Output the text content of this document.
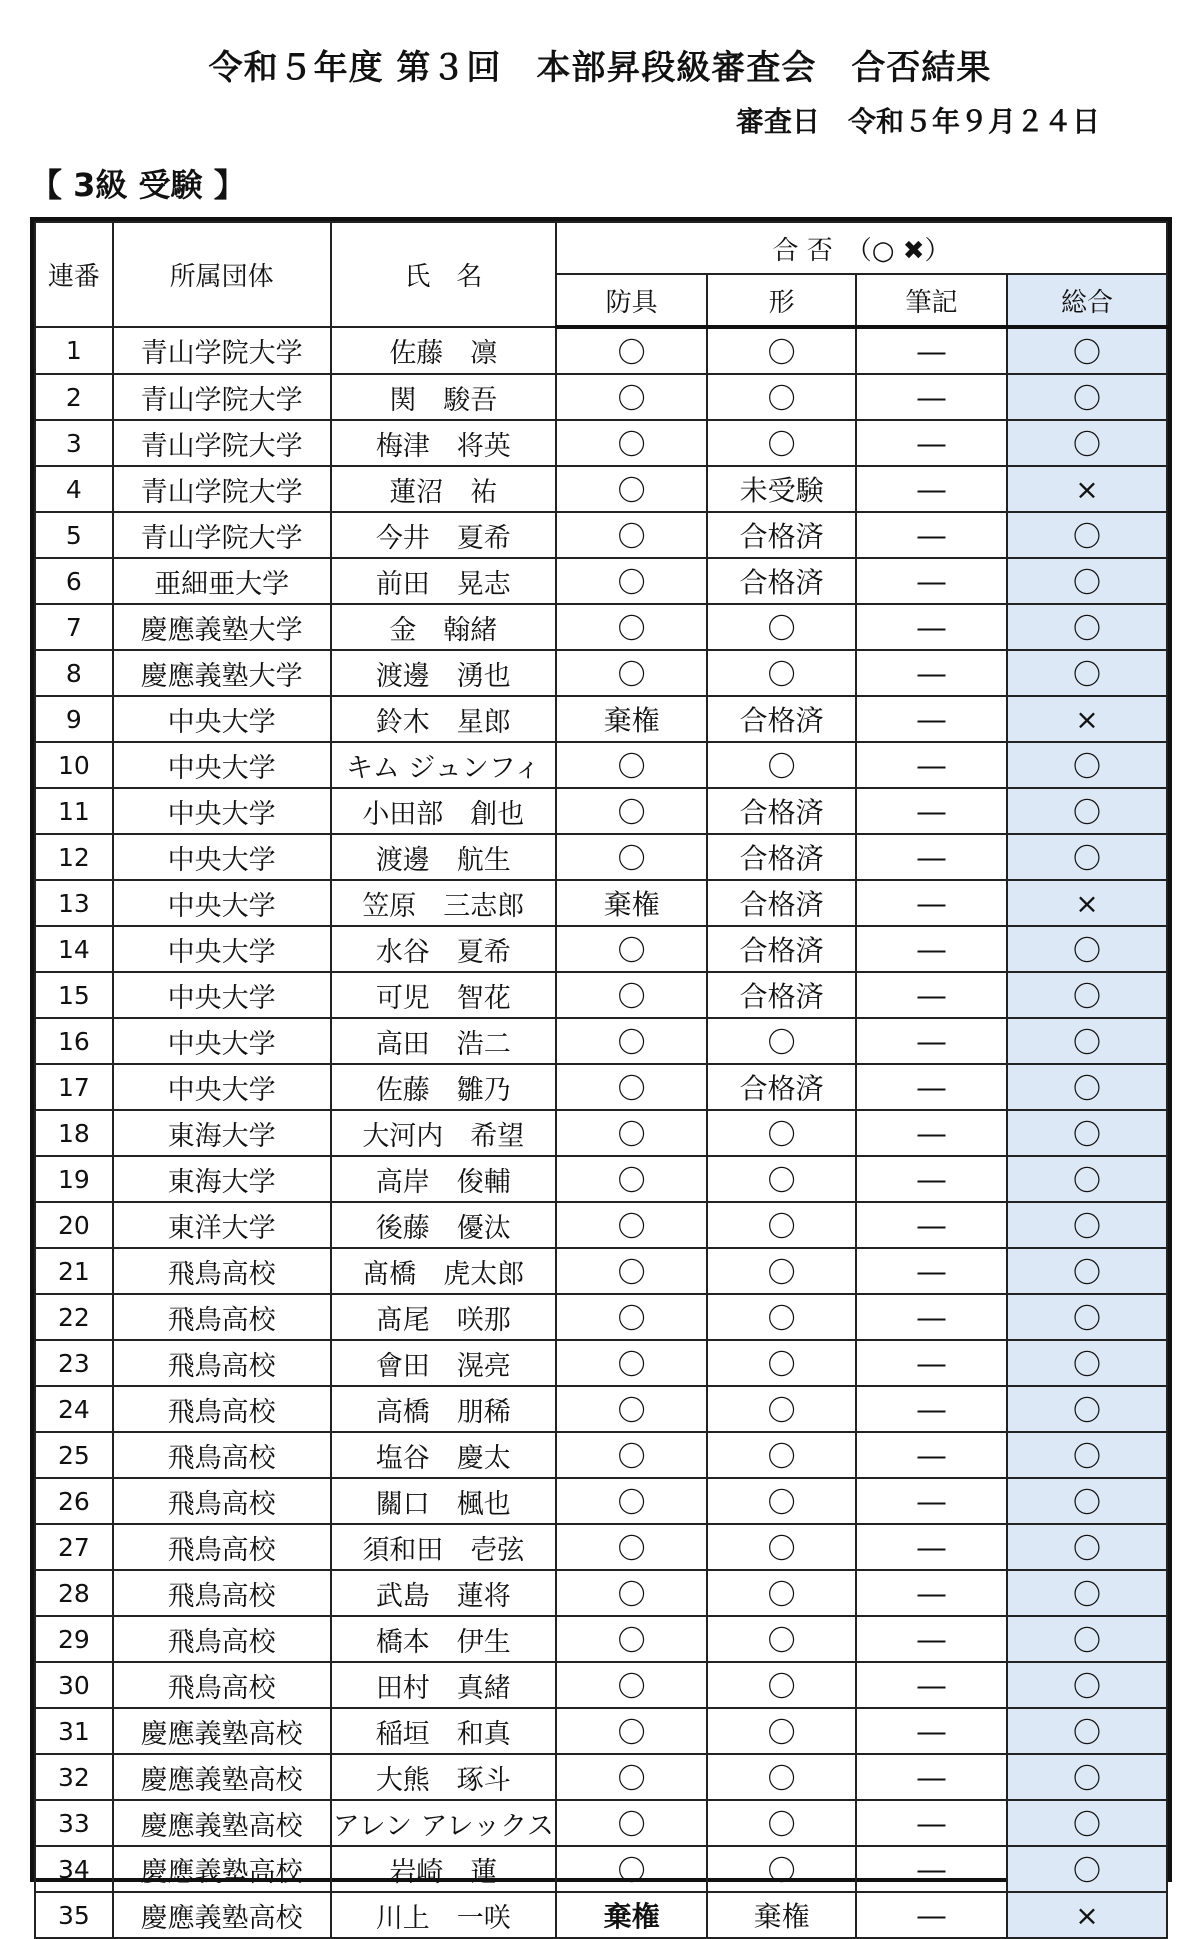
令和５年度 第３回　本部昇段級審査会　合否結果
審査日　令和５年９月２４日
【 3級 受験 】
連番	所属団体	氏　名	合 否　（○ ✖）			
			防具	形	筆記	総合
1	青山学院大学	佐藤　凛	〇	〇	―	〇
2	青山学院大学	関　駿吾	〇	〇	―	〇
3	青山学院大学	梅津　将英	〇	〇	―	〇
4	青山学院大学	蓮沼　祐	〇	未受験	―	×
5	青山学院大学	今井　夏希	〇	合格済	―	〇
6	亜細亜大学	前田　晃志	〇	合格済	―	〇
7	慶應義塾大学	金　翰緒	〇	〇	―	〇
8	慶應義塾大学	渡邊　湧也	〇	〇	―	〇
9	中央大学	鈴木　星郎	棄権	合格済	―	×
10	中央大学	キム ジュンフィ	〇	〇	―	〇
11	中央大学	小田部　創也	〇	合格済	―	〇
12	中央大学	渡邊　航生	〇	合格済	―	〇
13	中央大学	笠原　三志郎	棄権	合格済	―	×
14	中央大学	水谷　夏希	〇	合格済	―	〇
15	中央大学	可児　智花	〇	合格済	―	〇
16	中央大学	高田　浩二	〇	〇	―	〇
17	中央大学	佐藤　雛乃	〇	合格済	―	〇
18	東海大学	大河内　希望	〇	〇	―	〇
19	東海大学	高岸　俊輔	〇	〇	―	〇
20	東洋大学	後藤　優汰	〇	〇	―	〇
21	飛鳥高校	髙橋　虎太郎	〇	〇	―	〇
22	飛鳥高校	髙尾　咲那	〇	〇	―	〇
23	飛鳥高校	會田　滉亮	〇	〇	―	〇
24	飛鳥高校	高橋　朋稀	〇	〇	―	〇
25	飛鳥高校	塩谷　慶太	〇	〇	―	〇
26	飛鳥高校	關口　楓也	〇	〇	―	〇
27	飛鳥高校	須和田　壱弦	〇	〇	―	〇
28	飛鳥高校	武島　蓮将	〇	〇	―	〇
29	飛鳥高校	橋本　伊生	〇	〇	―	〇
30	飛鳥高校	田村　真緒	〇	〇	―	〇
31	慶應義塾高校	稲垣　和真	〇	〇	―	〇
32	慶應義塾高校	大熊　琢斗	〇	〇	―	〇
33	慶應義塾高校	アレン アレックス	〇	〇	―	〇
34	慶應義塾高校	岩崎　蓮	〇	〇	―	〇
35	慶應義塾高校	川上　一咲	棄権	棄権	―	×
